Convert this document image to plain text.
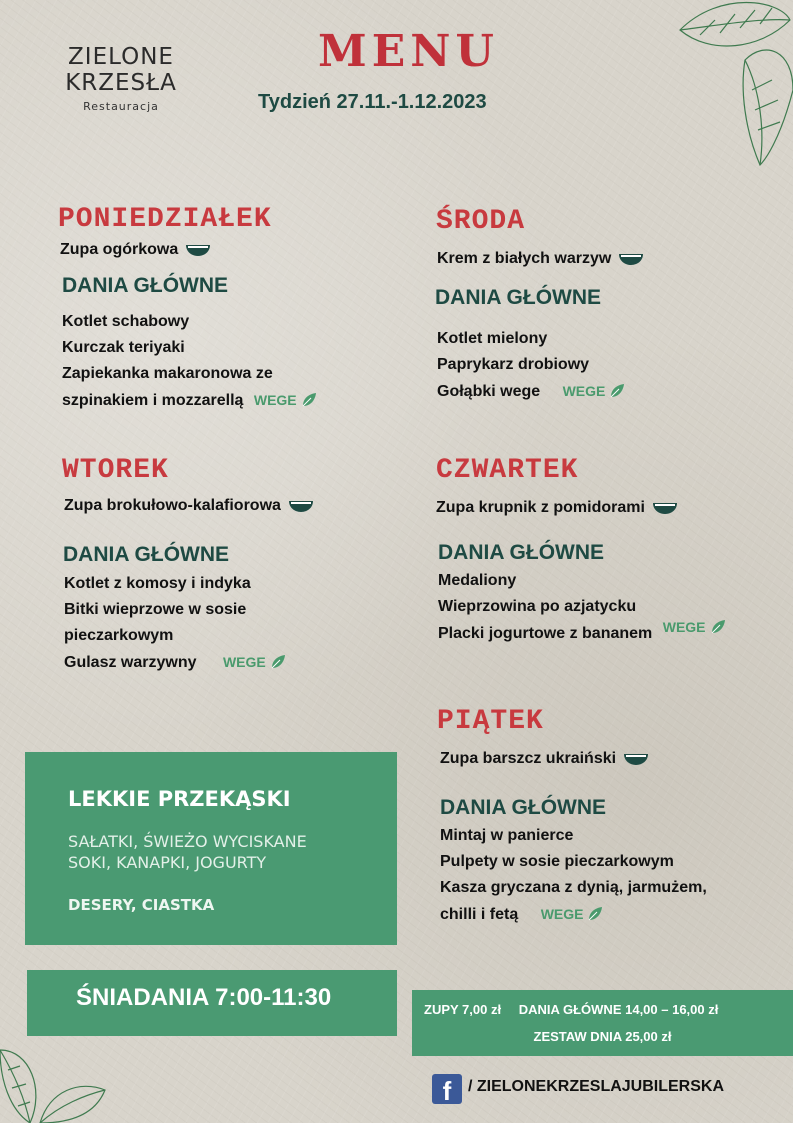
ZIELONE
KRZESŁA
Restauracja
MENU
Tydzień 27.11.-1.12.2023
PONIEDZIAŁEK
Zupa ogórkowa
DANIA GŁÓWNE
Kotlet schabowy
Kurczak teriyaki
Zapiekanka makaronowa ze
szpinakiem i mozzarellą WEGE
WTOREK
Zupa brokułowo-kalafiorowa
DANIA GŁÓWNE
Kotlet z komosy i indyka
Bitki wieprzowe w sosie
pieczarkowym
Gulasz warzywny WEGE
ŚRODA
Krem z białych warzyw
DANIA GŁÓWNE
Kotlet mielony
Paprykarz drobiowy
Gołąbki wege WEGE
CZWARTEK
Zupa krupnik z pomidorami
DANIA GŁÓWNE
Medaliony
Wieprzowina po azjatycku
Placki jogurtowe z bananem WEGE
PIĄTEK
Zupa barszcz ukraiński
DANIA GŁÓWNE
Mintaj w panierce
Pulpety w sosie pieczarkowym
Kasza gryczana z dynią, jarmużem,
chilli i fetą WEGE
LEKKIE PRZEKĄSKI
SAŁATKI, ŚWIEŻO WYCISKANE
SOKI, KANAPKI, JOGURTY
DESERY, CIASTKA
ŚNIADANIA 7:00-11:30	ZUPY 7,00 zł DANIA GŁÓWNE 14,00 – 16,00 zł
ZESTAW DNIA 25,00 zł
f	/ ZIELONEKRZESLAJUBILERSKA
